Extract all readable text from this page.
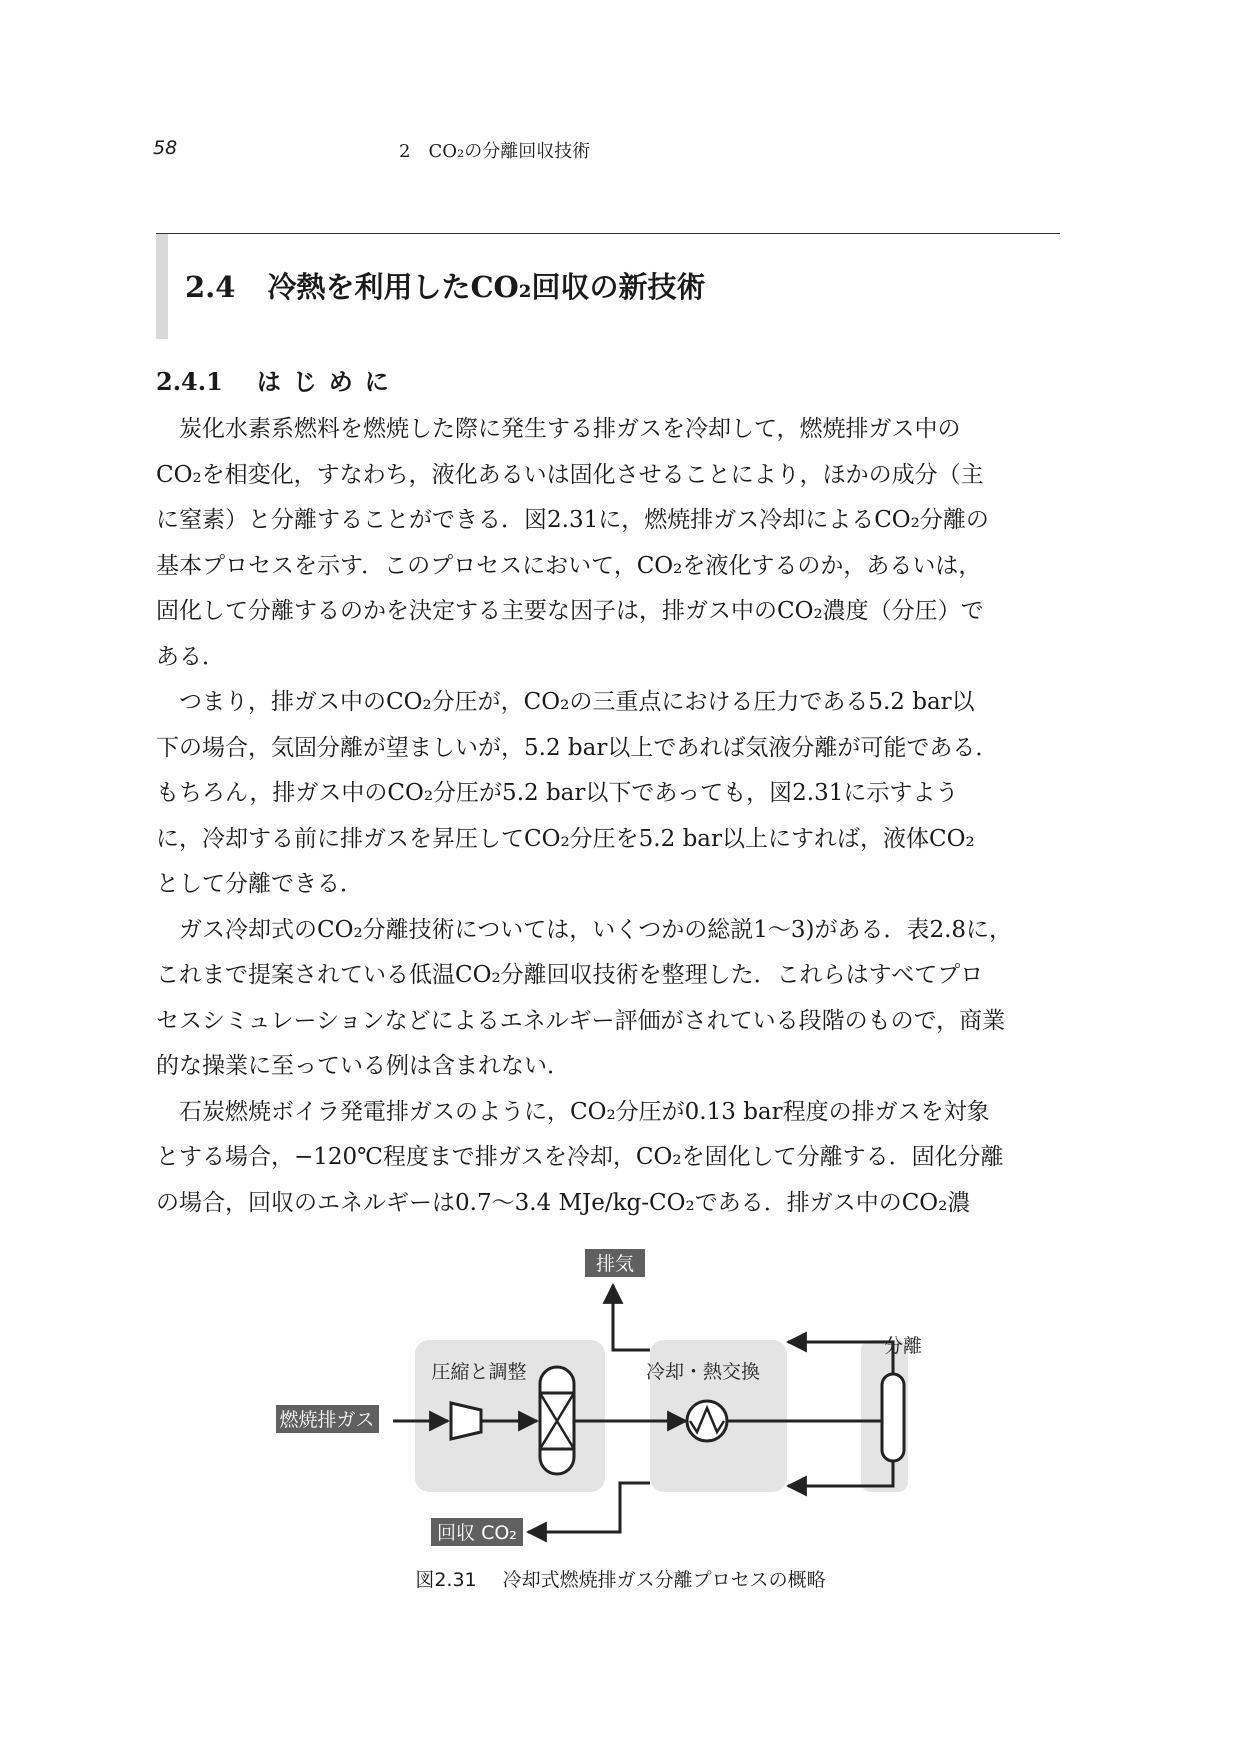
58	2　CO₂の分離回収技術
2.4 冷熱を利用したCO₂回収の新技術
2.4.1 はじめに
　炭化水素系燃料を燃焼した際に発生する排ガスを冷却して，燃焼排ガス中の
CO₂を相変化，すなわち，液化あるいは固化させることにより，ほかの成分（主
に窒素）と分離することができる．図2.31に，燃焼排ガス冷却によるCO₂分離の
基本プロセスを示す．このプロセスにおいて，CO₂を液化するのか，あるいは，
固化して分離するのかを決定する主要な因子は，排ガス中のCO₂濃度（分圧）で
ある．
　つまり，排ガス中のCO₂分圧が，CO₂の三重点における圧力である5.2 bar以
下の場合，気固分離が望ましいが，5.2 bar以上であれば気液分離が可能である．
もちろん，排ガス中のCO₂分圧が5.2 bar以下であっても，図2.31に示すよう
に，冷却する前に排ガスを昇圧してCO₂分圧を5.2 bar以上にすれば，液体CO₂
として分離できる．
　ガス冷却式のCO₂分離技術については，いくつかの総説1〜3)がある．表2.8に，
これまで提案されている低温CO₂分離回収技術を整理した．これらはすべてプロ
セスシミュレーションなどによるエネルギー評価がされている段階のもので，商業
的な操業に至っている例は含まれない．
　石炭燃焼ボイラ発電排ガスのように，CO₂分圧が0.13 bar程度の排ガスを対象
とする場合，−120℃程度まで排ガスを冷却，CO₂を固化して分離する．固化分離
の場合，回収のエネルギーは0.7〜3.4 MJe/kg-CO₂である．排ガス中のCO₂濃
排気
燃焼排ガス
圧縮と調整	冷却・熱交換
分離
回収 CO₂
図2.31 冷却式燃焼排ガス分離プロセスの概略
